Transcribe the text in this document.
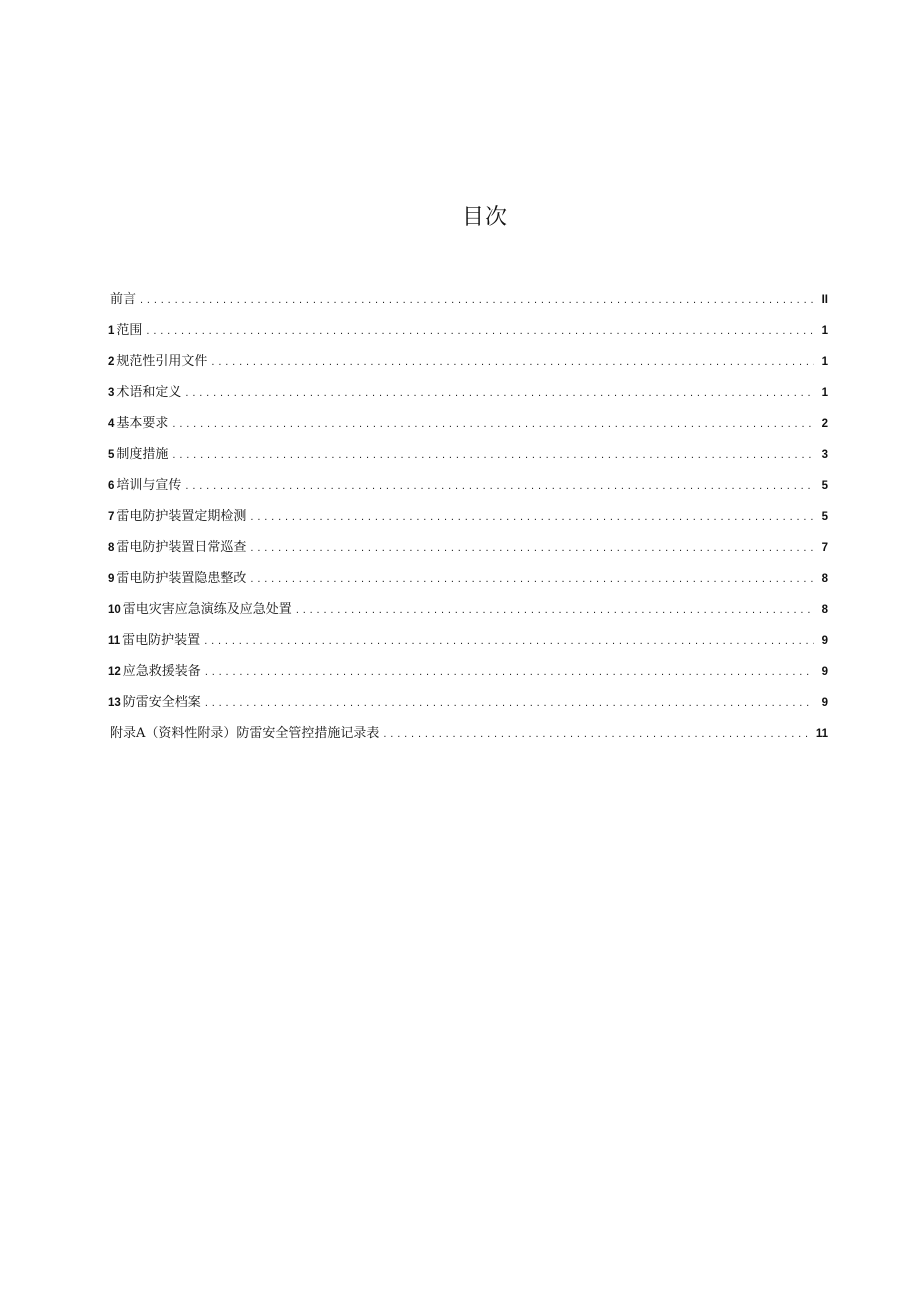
目次
前言 . . .	II
1 范围 . . .	1
2 规范性引用文件 . . .	1
3 术语和定义 . . .	1
4 基本要求 . . .	2
5 制度措施 . . .	3
6 培训与宣传 . . .	5
7 雷电防护装置定期检测 . . .	5
8 雷电防护装置日常巡查 . . .	7
9 雷电防护装置隐患整改 . . .	8
10 雷电灾害应急演练及应急处置 . . .	8
11 雷电防护装置 . . .	9
12 应急救援装备 . . .	9
13 防雷安全档案 . . .	9
附录A（资料性附录）防雷安全管控措施记录表 . . .	11
